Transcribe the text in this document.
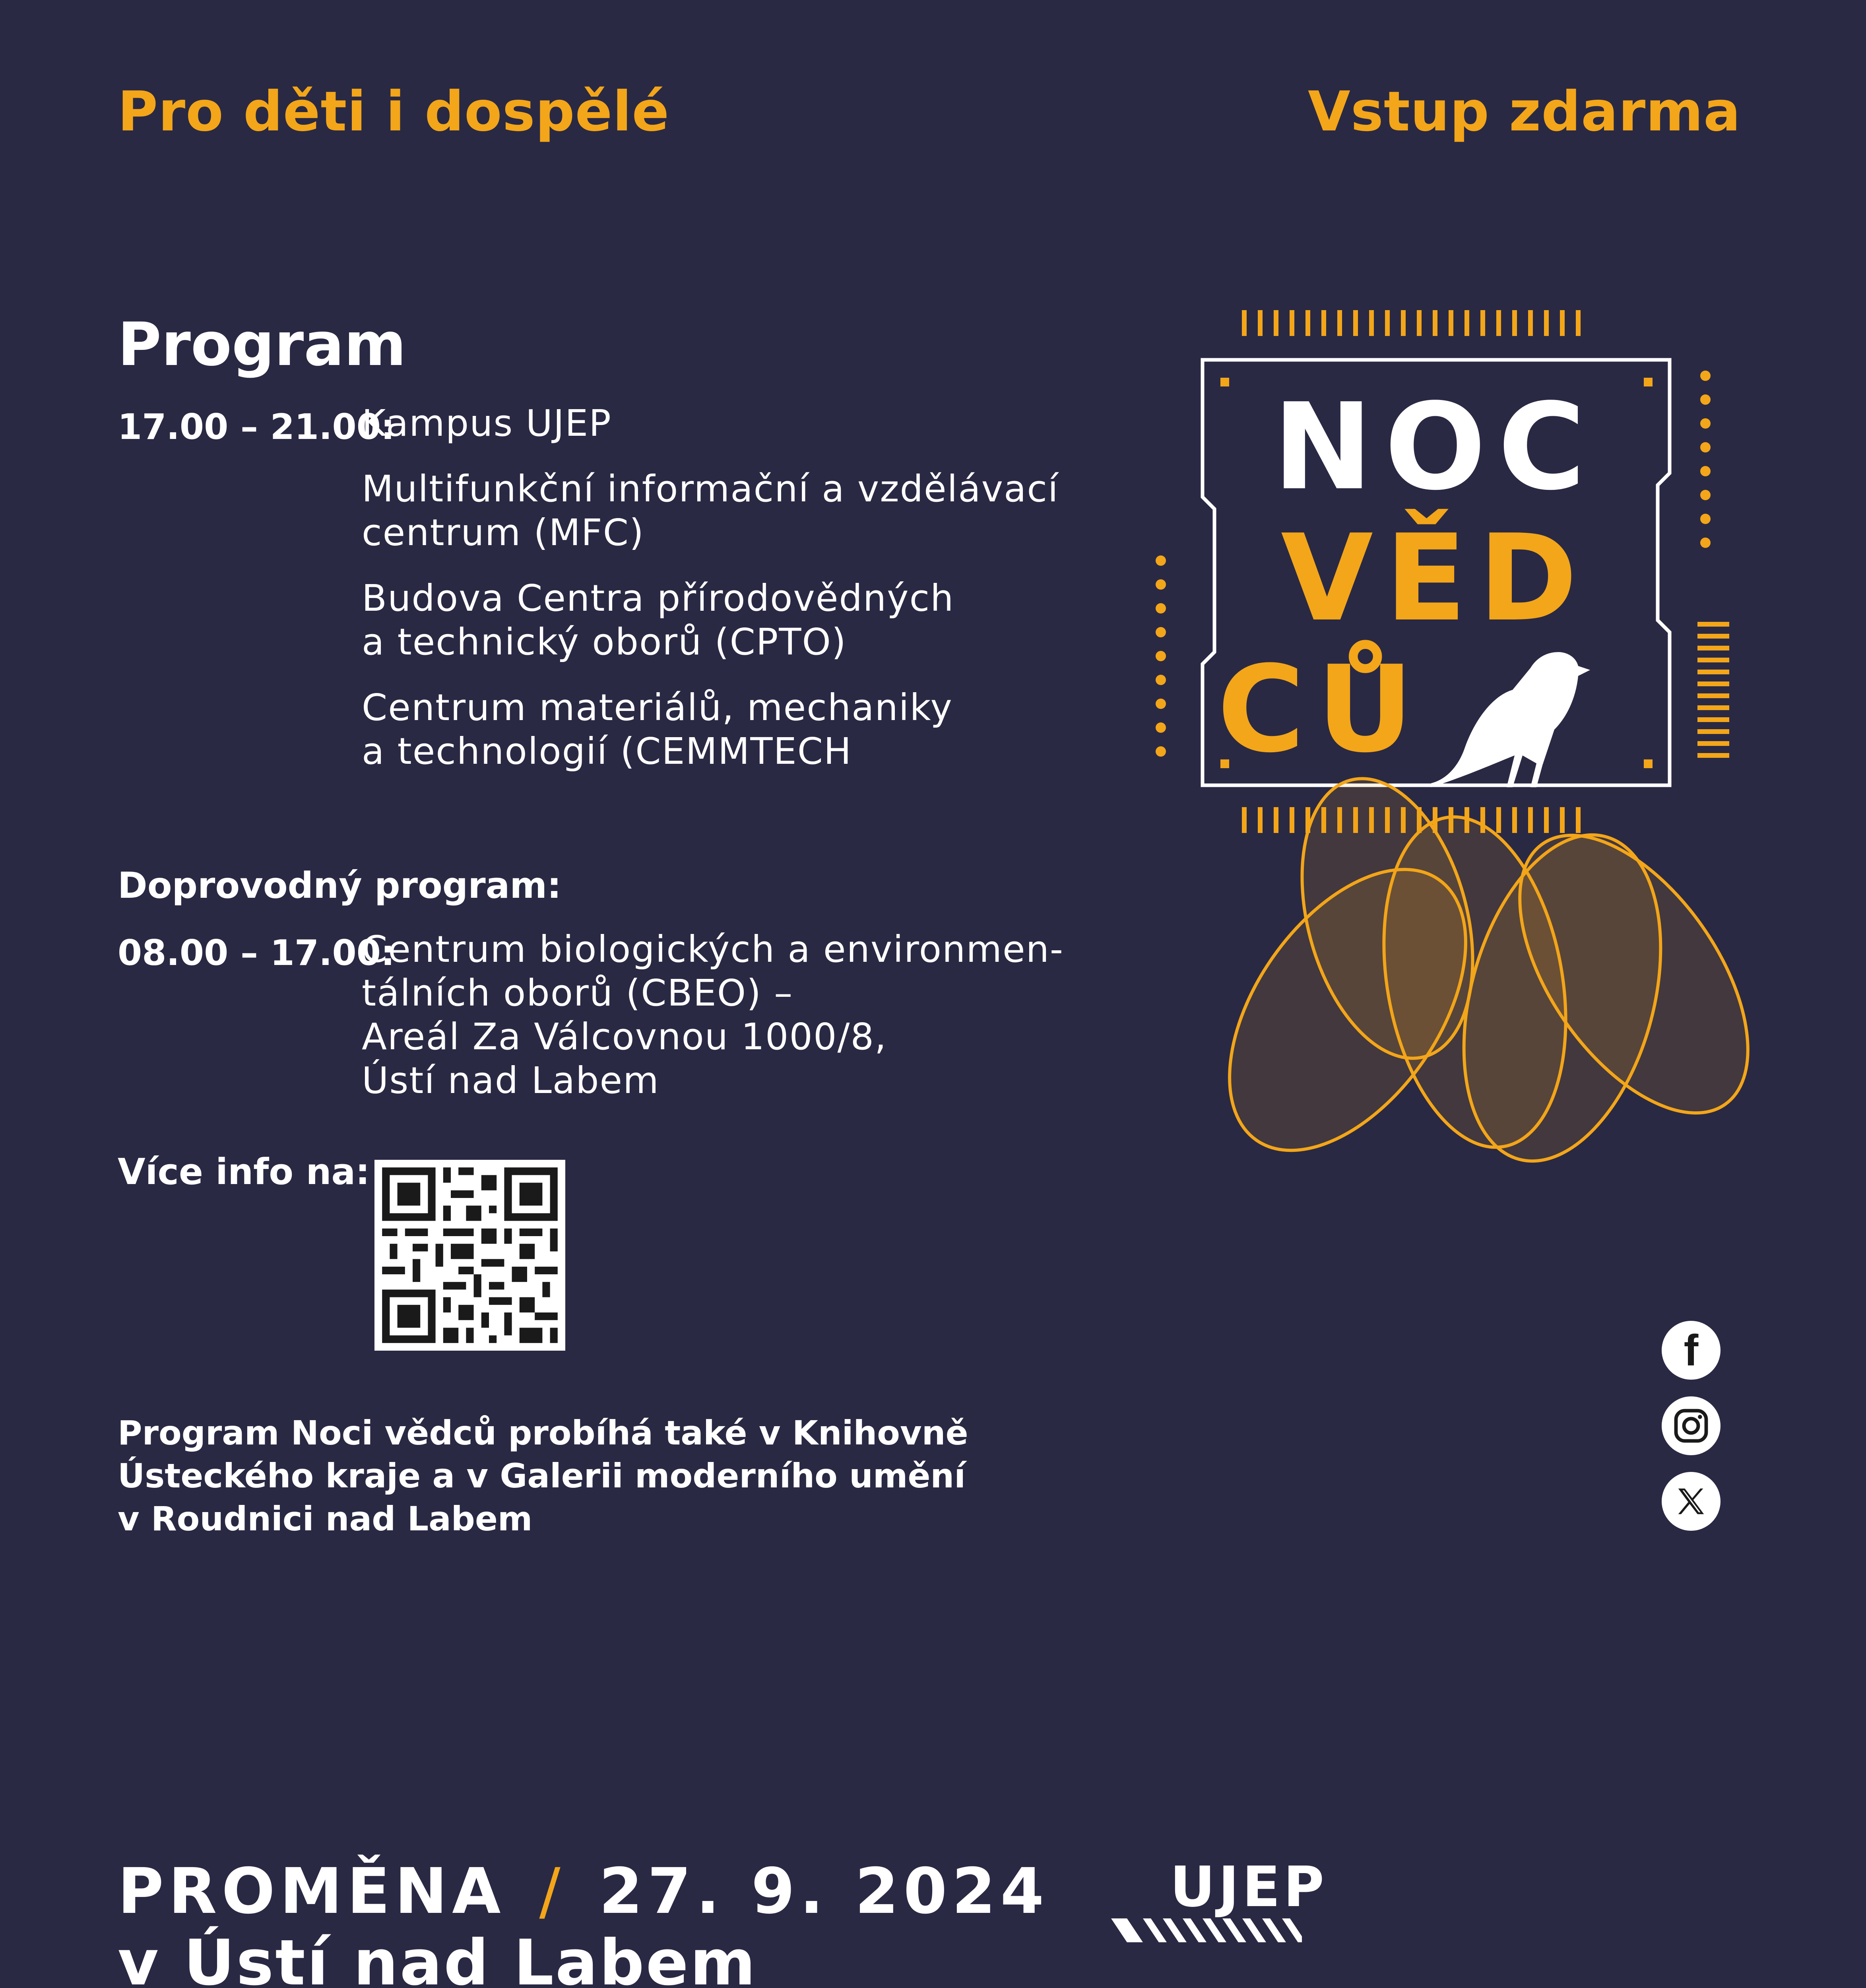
Pro děti i dospělé	Vstup zdarma
Program
17.00 – 21.00:
Kampus UJEP
Multifunkční informační a vzdělávací
centrum (MFC)
Budova Centra přírodovědných
a technický oborů (CPTO)
Centrum materiálů, mechaniky
a technologií (CEMMTECH
Doprovodný program:
08.00 – 17.00:
Centrum biologických a environmen-
tálních oborů (CBEO) –
Areál Za Válcovnou 1000/8,
Ústí nad Labem
Více info na:
Program Noci vědců probíhá také v Knihovně
Ústeckého kraje a v Galerii moderního umění
v Roudnici nad Labem
NOC
VĚD
CŮ
f
PROMĚNA / 27. 9. 2024
v Ústí nad Labem
UJEP
